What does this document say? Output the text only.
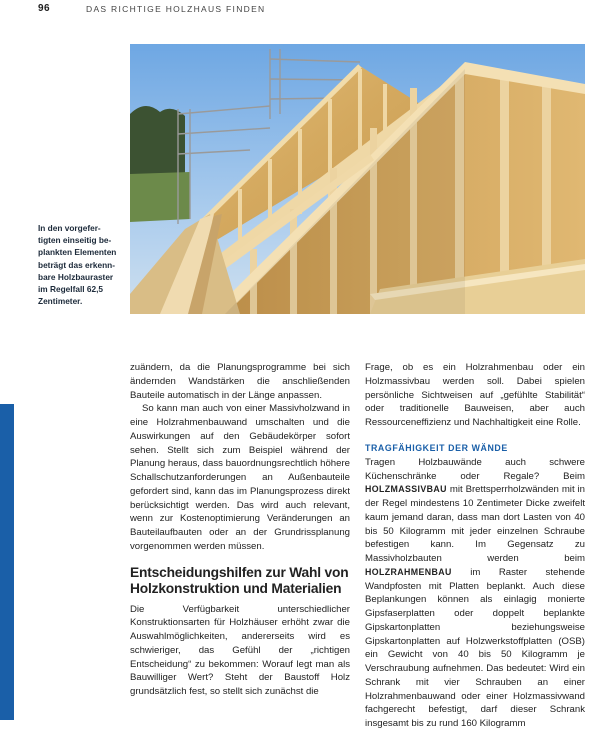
96	DAS RICHTIGE HOLZHAUS FINDEN
In den vorgefer-
tigten einseitig be-
plankten Elementen
beträgt das erkenn-
bare Holzbauraster
im Regelfall 62,5
Zentimeter.

zuändern, da die Planungsprogramme bei sich ändernden Wandstärken die anschließenden Bauteile automatisch in der Länge anpassen.

So kann man auch von einer Massivholzwand in eine Holzrahmenbauwand umschalten und die Auswirkungen auf den Gebäudekörper sofort sehen. Stellt sich zum Beispiel während der Planung heraus, dass bauordnungsrechtlich höhere Schallschutzanforderungen an Außenbauteile gefordert sind, kann das im Planungsprozess direkt berücksichtigt werden. Das wird auch relevant, wenn zur Kostenoptimierung Veränderungen an Bauteilaufbauten oder an der Grundrissplanung vorgenommen werden müssen.

Entscheidungshilfen zur Wahl von Holzkonstruktion und Materialien

Die Verfügbarkeit unterschiedlicher Konstruktionsarten für Holzhäuser erhöht zwar die Auswahlmöglichkeiten, andererseits wird es schwieriger, das Gefühl der „richtigen Entscheidung“ zu bekommen: Worauf legt man als Bauwilliger Wert? Steht der Baustoff Holz grundsätzlich fest, so stellt sich zunächst die

Frage, ob es ein Holzrahmenbau oder ein Holzmassivbau werden soll. Dabei spielen persönliche Sichtweisen auf „gefühlte Stabilität“ oder traditionelle Bauweisen, aber auch Ressourceneffizienz und Nachhaltigkeit eine Rolle.

TRAGFÄHIGKEIT DER WÄNDE

Tragen Holzbauwände auch schwere Küchenschränke oder Regale? Beim HOLZMASSIVBAU mit Brettsperrholzwänden mit in der Regel mindestens 10 Zentimeter Dicke zweifelt kaum jemand daran, dass man dort Lasten von 40 bis 50 Kilogramm mit jeder einzelnen Schraube befestigen kann. Im Gegensatz zu Massivholzbauten werden beim HOLZRAHMENBAU im Raster stehende Wandpfosten mit Platten beplankt. Auch diese Beplankungen können als einlagig monierte Gipsfaserplatten oder doppelt beplankte Gipskartonplatten beziehungsweise Gipskartonplatten auf Holzwerkstoffplatten (OSB) ein Gewicht von 40 bis 50 Kilogramm je Verschraubung aufnehmen. Das bedeutet: Wird ein Schrank mit vier Schrauben an einer Holzrahmenbauwand oder einer Holzmassivwand fachgerecht befestigt, darf dieser Schrank insgesamt bis zu rund 160 Kilogramm
